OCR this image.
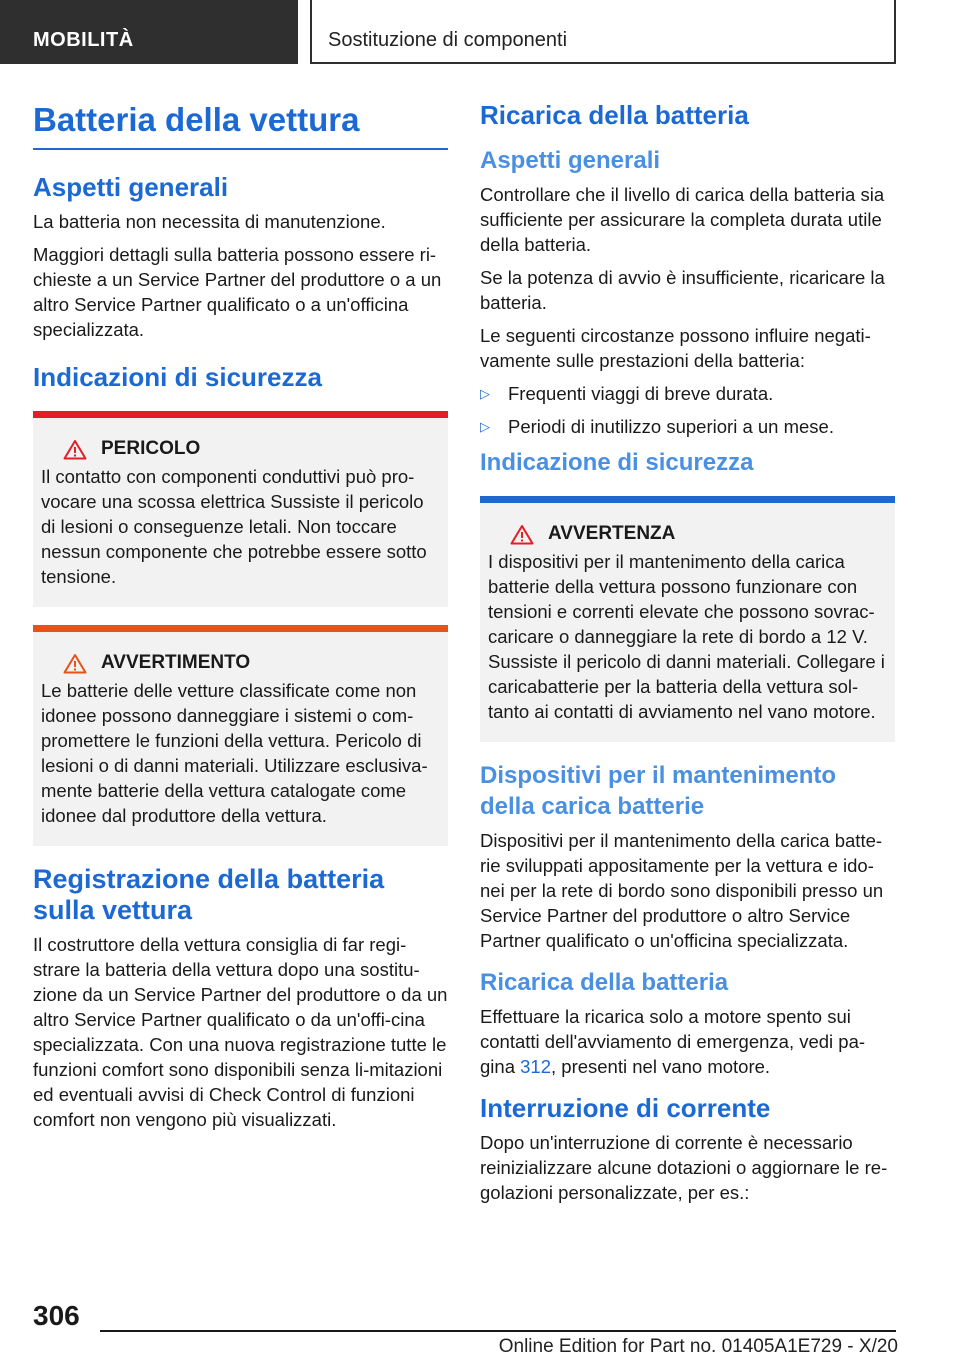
MOBILITÀ	Sostituzione di componenti
Batteria della vettura
Aspetti generali

La batteria non necessita di manutenzione.

Maggiori dettagli sulla batteria possono essere ri-chieste a un Service Partner del produttore o a un altro Service Partner qualificato o a un'officina specializzata.

Indicazioni di sicurezza
PERICOLO

Il contatto con componenti conduttivi può pro-vocare una scossa elettrica Sussiste il pericolo di lesioni o conseguenze letali. Non toccare nessun componente che potrebbe essere sotto tensione.

AVVERTIMENTO

Le batterie delle vetture classificate come non idonee possono danneggiare i sistemi o com-promettere le funzioni della vettura. Pericolo di lesioni o di danni materiali. Utilizzare esclusiva-mente batterie della vettura catalogate come idonee dal produttore della vettura.

Registrazione della batteria sulla vettura

Il costruttore della vettura consiglia di far regi-strare la batteria della vettura dopo una sostitu-zione da un Service Partner del produttore o da un altro Service Partner qualificato o da un'offi-cina specializzata. Con una nuova registrazione tutte le funzioni comfort sono disponibili senza li-mitazioni ed eventuali avvisi di Check Control di funzioni comfort non vengono più visualizzati.

Ricarica della batteria
Aspetti generali

Controllare che il livello di carica della batteria sia sufficiente per assicurare la completa durata utile della batteria.

Se la potenza di avvio è insufficiente, ricaricare la batteria.

Le seguenti circostanze possono influire negati-vamente sulle prestazioni della batteria:

▷ Frequenti viaggi di breve durata.
▷ Periodi di inutilizzo superiori a un mese.
Indicazione di sicurezza
AVVERTENZA

I dispositivi per il mantenimento della carica batterie della vettura possono funzionare con tensioni e correnti elevate che possono sovrac-caricare o danneggiare la rete di bordo a 12 V. Sussiste il pericolo di danni materiali. Collegare i caricabatterie per la batteria della vettura sol-tanto ai contatti di avviamento nel vano motore.

Dispositivi per il mantenimento della carica batterie

Dispositivi per il mantenimento della carica batte-rie sviluppati appositamente per la vettura e ido-nei per la rete di bordo sono disponibili presso un Service Partner del produttore o altro Service Partner qualificato o un'officina specializzata.

Ricarica della batteria

Effettuare la ricarica solo a motore spento sui contatti dell'avviamento di emergenza, vedi pa-gina 312, presenti nel vano motore.

Interruzione di corrente

Dopo un'interruzione di corrente è necessario reinizializzare alcune dotazioni o aggiornare le re-golazioni personalizzate, per es.:

306
Online Edition for Part no. 01405A1E729 - X/20
